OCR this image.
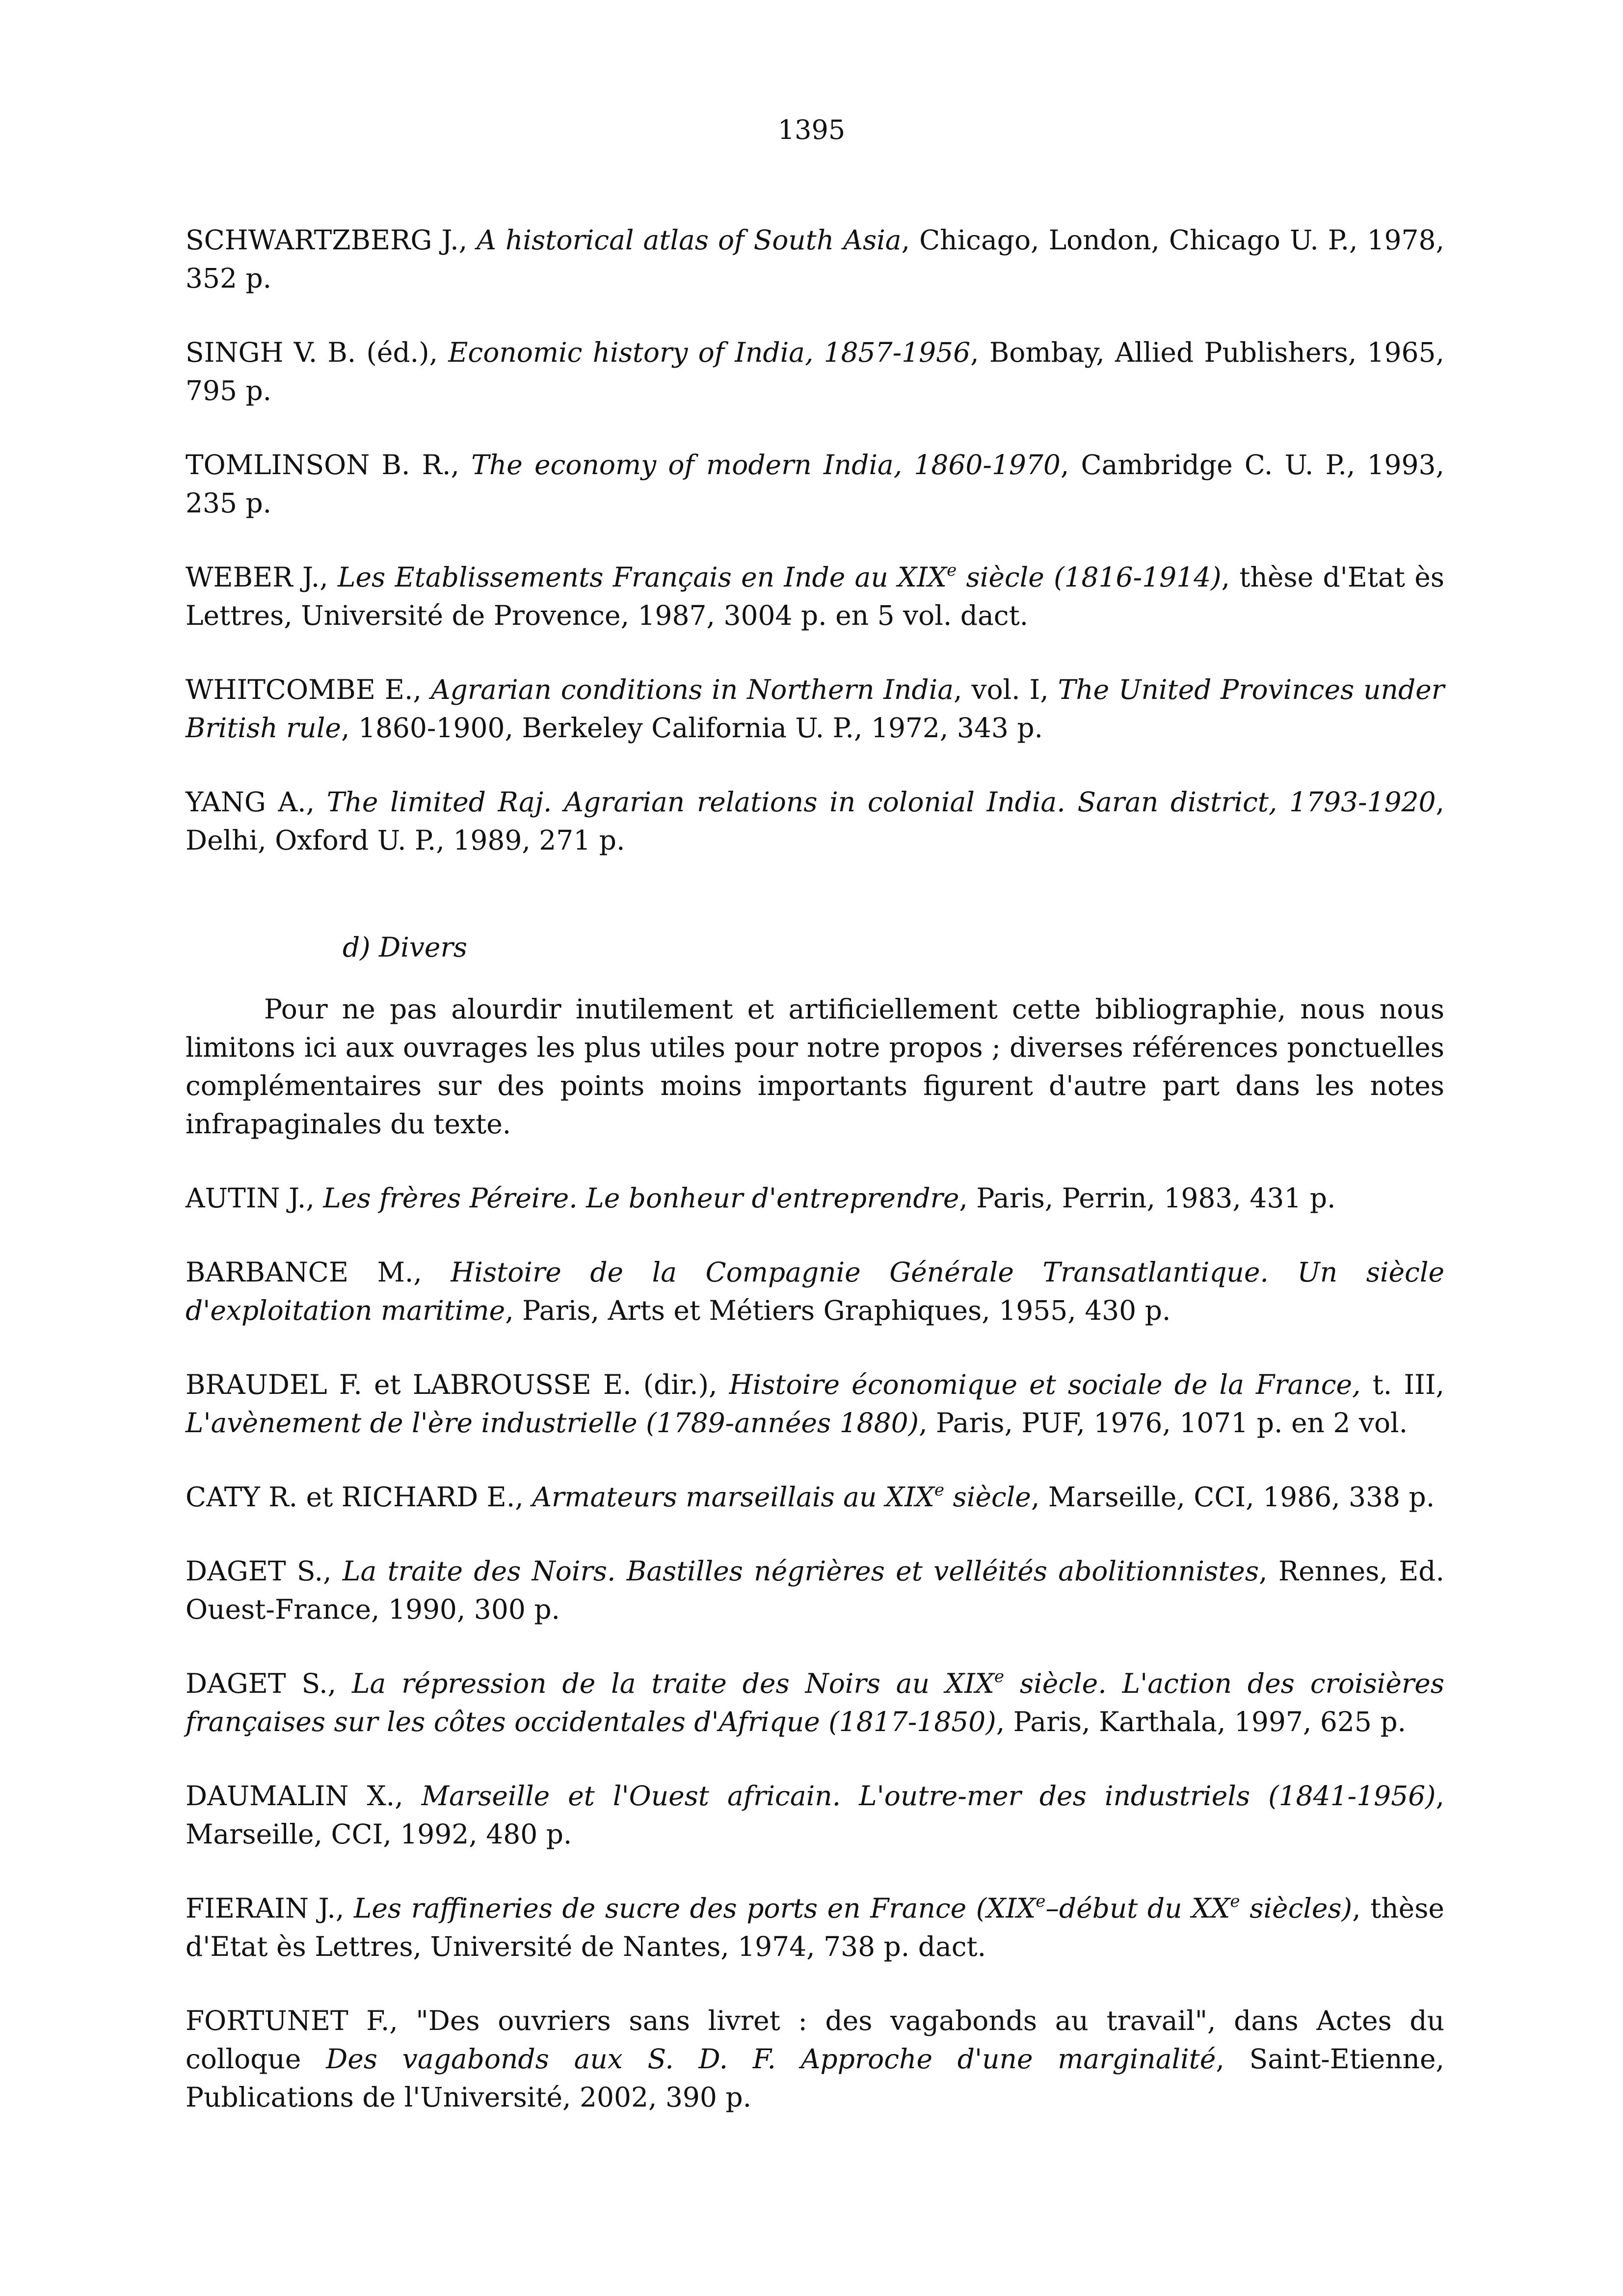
1395

SCHWARTZBERG J., A historical atlas of South Asia, Chicago, London, Chicago U. P., 1978, 352 p.

SINGH V. B. (éd.), Economic history of India, 1857-1956, Bombay, Allied Publishers, 1965, 795 p.

TOMLINSON B. R., The economy of modern India, 1860-1970, Cambridge C. U. P., 1993, 235 p.

WEBER J., Les Etablissements Français en Inde au XIXe siècle (1816-1914), thèse d'Etat ès Lettres, Université de Provence, 1987, 3004 p. en 5 vol. dact.

WHITCOMBE E., Agrarian conditions in Northern India, vol. I, The United Provinces under British rule, 1860-1900, Berkeley California U. P., 1972, 343 p.

YANG A., The limited Raj. Agrarian relations in colonial India. Saran district, 1793-1920, Delhi, Oxford U. P., 1989, 271 p.

d) Divers

Pour ne pas alourdir inutilement et artificiellement cette bibliographie, nous nous limitons ici aux ouvrages les plus utiles pour notre propos ; diverses références ponctuelles complémentaires sur des points moins importants figurent d'autre part dans les notes infrapaginales du texte.

AUTIN J., Les frères Péreire. Le bonheur d'entreprendre, Paris, Perrin, 1983, 431 p.

BARBANCE M., Histoire de la Compagnie Générale Transatlantique. Un siècle d'exploitation maritime, Paris, Arts et Métiers Graphiques, 1955, 430 p.

BRAUDEL F. et LABROUSSE E. (dir.), Histoire économique et sociale de la France, t. III, L'avènement de l'ère industrielle (1789-années 1880), Paris, PUF, 1976, 1071 p. en 2 vol.

CATY R. et RICHARD E., Armateurs marseillais au XIXe siècle, Marseille, CCI, 1986, 338 p.

DAGET S., La traite des Noirs. Bastilles négrières et velléités abolitionnistes, Rennes, Ed. Ouest-France, 1990, 300 p.

DAGET S., La répression de la traite des Noirs au XIXe siècle. L'action des croisières françaises sur les côtes occidentales d'Afrique (1817-1850), Paris, Karthala, 1997, 625 p.

DAUMALIN X., Marseille et l'Ouest africain. L'outre-mer des industriels (1841-1956), Marseille, CCI, 1992, 480 p.

FIERAIN J., Les raffineries de sucre des ports en France (XIXe–début du XXe siècles), thèse d'Etat ès Lettres, Université de Nantes, 1974, 738 p. dact.

FORTUNET F., "Des ouvriers sans livret : des vagabonds au travail", dans Actes du colloque Des vagabonds aux S. D. F. Approche d'une marginalité, Saint-Etienne, Publications de l'Université, 2002, 390 p.
